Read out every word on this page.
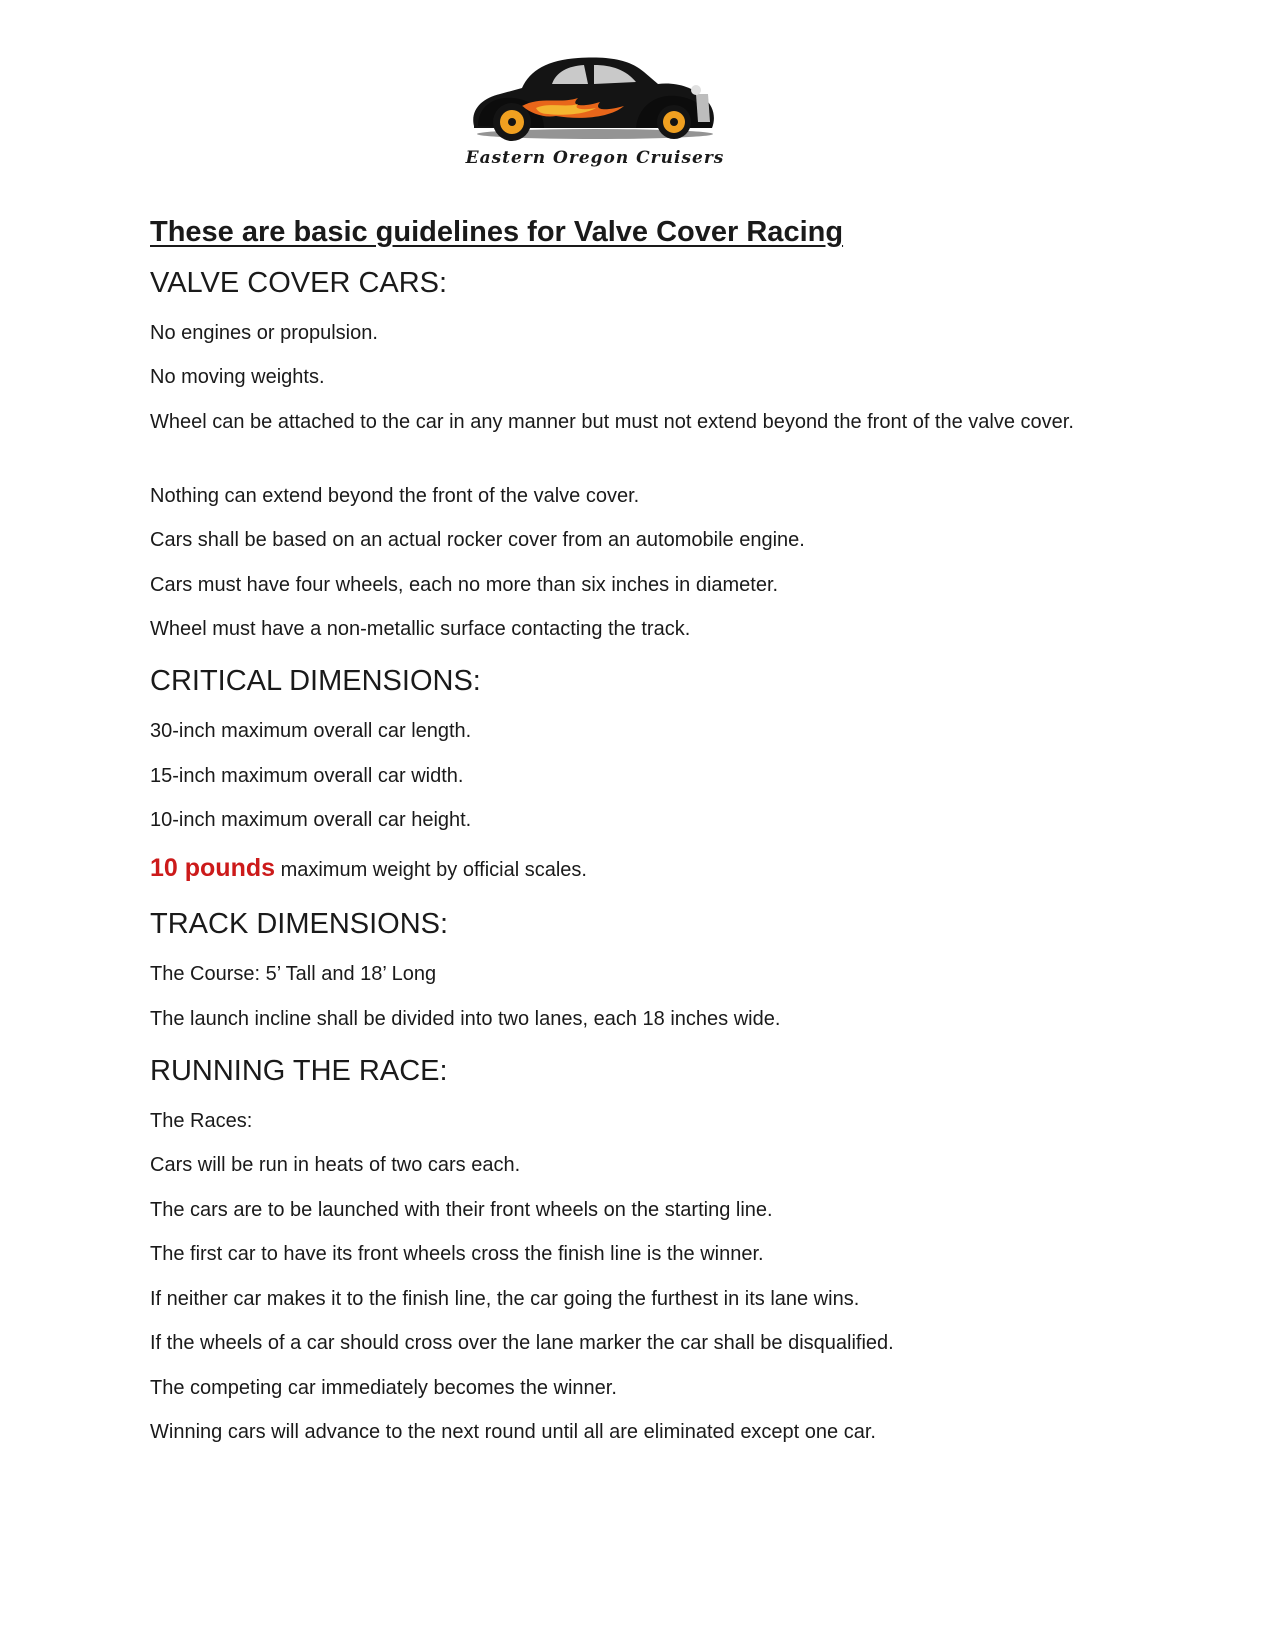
Eastern Oregon Cruisers
These are basic guidelines for Valve Cover Racing
VALVE COVER CARS:
No engines or propulsion.
No moving weights.
Wheel can be attached to the car in any manner but must not extend beyond the front of the valve cover.
Nothing can extend beyond the front of the valve cover.
Cars shall be based on an actual rocker cover from an automobile engine.
Cars must have four wheels, each no more than six inches in diameter.
Wheel must have a non-metallic surface contacting the track.
CRITICAL DIMENSIONS:
30-inch maximum overall car length.
15-inch maximum overall car width.
10-inch maximum overall car height.
10 pounds maximum weight by official scales.
TRACK DIMENSIONS:
The Course: 5’ Tall and 18’ Long
The launch incline shall be divided into two lanes, each 18 inches wide.
RUNNING THE RACE:
The Races:
Cars will be run in heats of two cars each.
The cars are to be launched with their front wheels on the starting line.
The first car to have its front wheels cross the finish line is the winner.
If neither car makes it to the finish line, the car going the furthest in its lane wins.
If the wheels of a car should cross over the lane marker the car shall be disqualified.
The competing car immediately becomes the winner.
Winning cars will advance to the next round until all are eliminated except one car.
